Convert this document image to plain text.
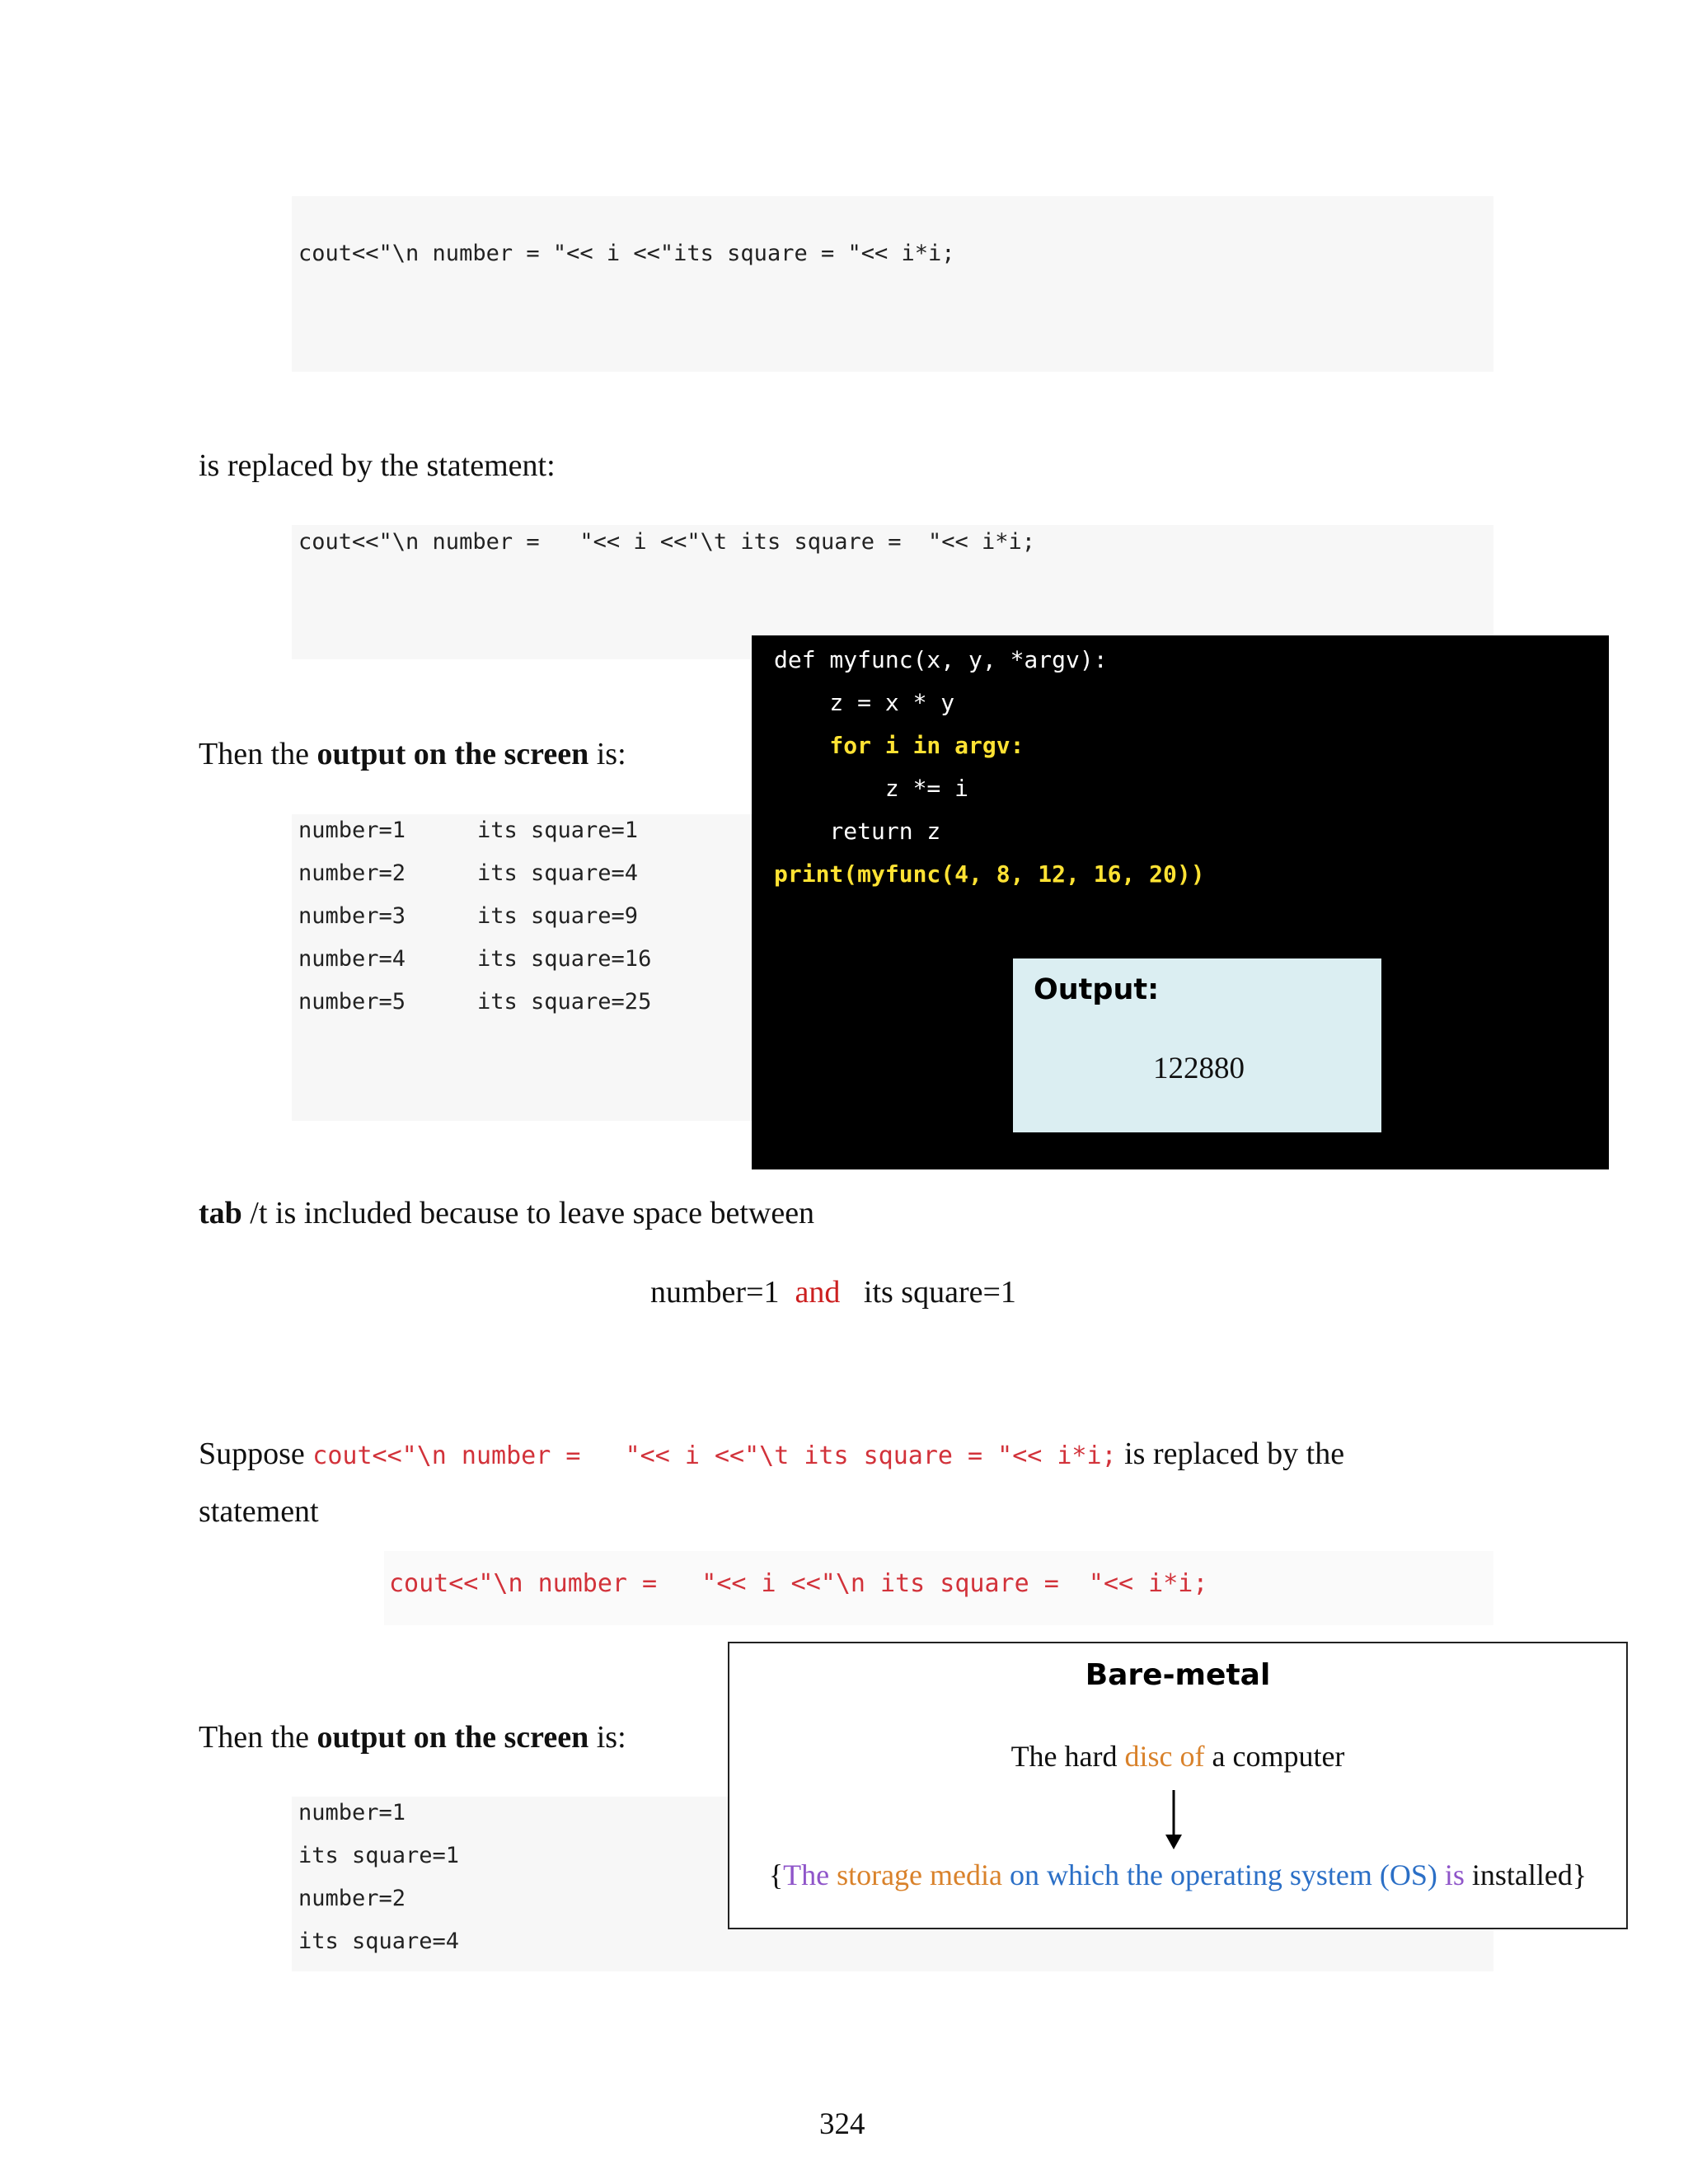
cout<<"\n number = "<< i <<"its square = "<< i*i;
is replaced by the statement:
cout<<"\n number =   "<< i <<"\t its square =  "<< i*i;
Then the output on the screen is:
number=1	its square=1
number=2	its square=4
number=3	its square=9
number=4	its square=16
number=5	its square=25
def myfunc(x, y, *argv):
z = x * y
for i in argv:
z *= i
return z
print(myfunc(4, 8, 12, 16, 20))
Output:
122880
tab /t is included because to leave space between
number=1 and its square=1
Suppose cout<<"\n number =   "<< i <<"\t its square = "<< i*i; is replaced by the
statement
cout<<"\n number =   "<< i <<"\n its square =  "<< i*i;
Then the output on the screen is:
number=1
its square=1
number=2
its square=4
Bare-metal
The hard disc of a computer
{The storage media on which the operating system (OS) is installed}
324
